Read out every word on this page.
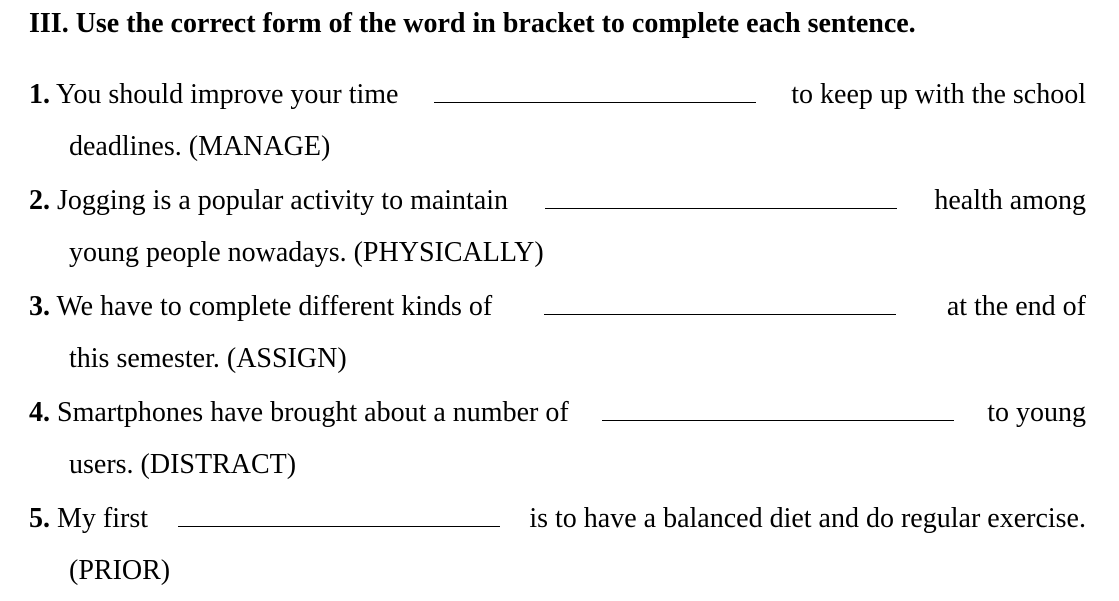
III. Use the correct form of the word in bracket to complete each sentence.
1. You should improve your time	to keep up with the school
deadlines. (MANAGE)
2. Jogging is a popular activity to maintain	health among
young people nowadays. (PHYSICALLY)
3. We have to complete different kinds of	at the end of
this semester. (ASSIGN)
4. Smartphones have brought about a number of	to young
users. (DISTRACT)
5. My first	is to have a balanced diet and do regular exercise.
(PRIOR)
